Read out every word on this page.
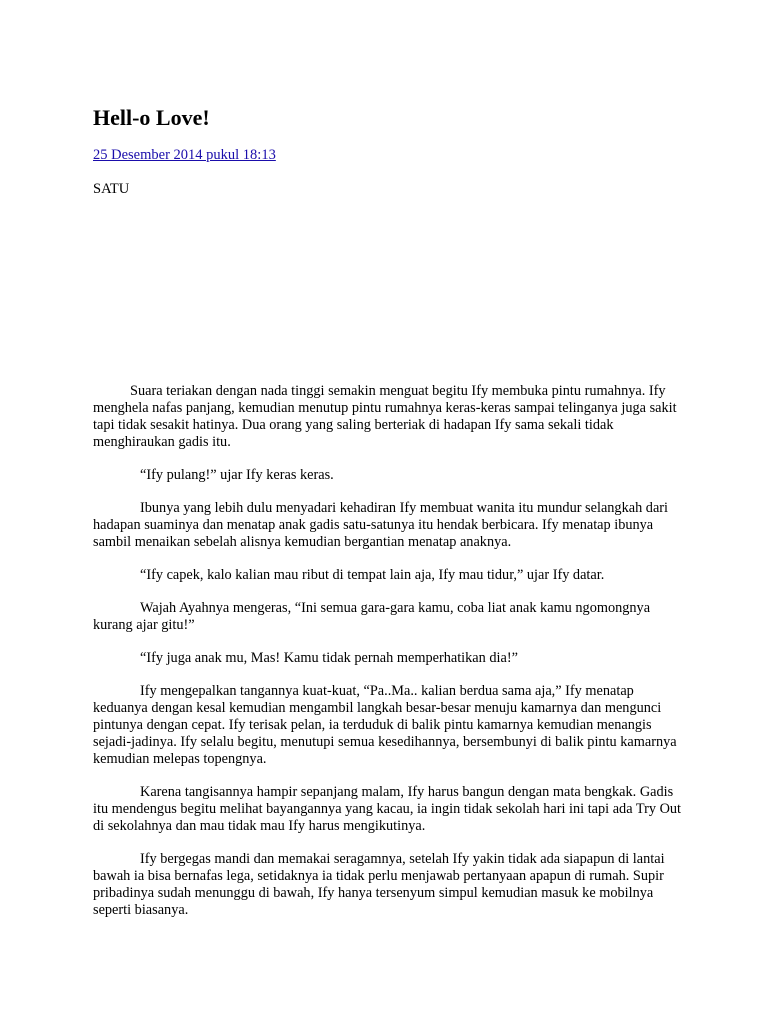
Hell-o Love!
25 Desember 2014 pukul 18:13
SATU

Suara teriakan dengan nada tinggi semakin menguat begitu Ify membuka pintu rumahnya. Ify menghela nafas panjang, kemudian menutup pintu rumahnya keras-keras sampai telinganya juga sakit tapi tidak sesakit hatinya. Dua orang yang saling berteriak di hadapan Ify sama sekali tidak menghiraukan gadis itu.

“Ify pulang!” ujar Ify keras keras.

Ibunya yang lebih dulu menyadari kehadiran Ify membuat wanita itu mundur selangkah dari hadapan suaminya dan menatap anak gadis satu-satunya itu hendak berbicara. Ify menatap ibunya sambil menaikan sebelah alisnya kemudian bergantian menatap anaknya.

“Ify capek, kalo kalian mau ribut di tempat lain aja, Ify mau tidur,” ujar Ify datar.

Wajah Ayahnya mengeras, “Ini semua gara-gara kamu, coba liat anak kamu ngomongnya kurang ajar gitu!”

“Ify juga anak mu, Mas! Kamu tidak pernah memperhatikan dia!”

Ify mengepalkan tangannya kuat-kuat, “Pa..Ma.. kalian berdua sama aja,” Ify menatap keduanya dengan kesal kemudian mengambil langkah besar-besar menuju kamarnya dan mengunci pintunya dengan cepat. Ify terisak pelan, ia terduduk di balik pintu kamarnya kemudian menangis sejadi-jadinya. Ify selalu begitu, menutupi semua kesedihannya, bersembunyi di balik pintu kamarnya kemudian melepas topengnya.

Karena tangisannya hampir sepanjang malam, Ify harus bangun dengan mata bengkak. Gadis itu mendengus begitu melihat bayangannya yang kacau, ia ingin tidak sekolah hari ini tapi ada Try Out di sekolahnya dan mau tidak mau Ify harus mengikutinya.

Ify bergegas mandi dan memakai seragamnya, setelah Ify yakin tidak ada siapapun di lantai bawah ia bisa bernafas lega, setidaknya ia tidak perlu menjawab pertanyaan apapun di rumah. Supir pribadinya sudah menunggu di bawah, Ify hanya tersenyum simpul kemudian masuk ke mobilnya seperti biasanya.
